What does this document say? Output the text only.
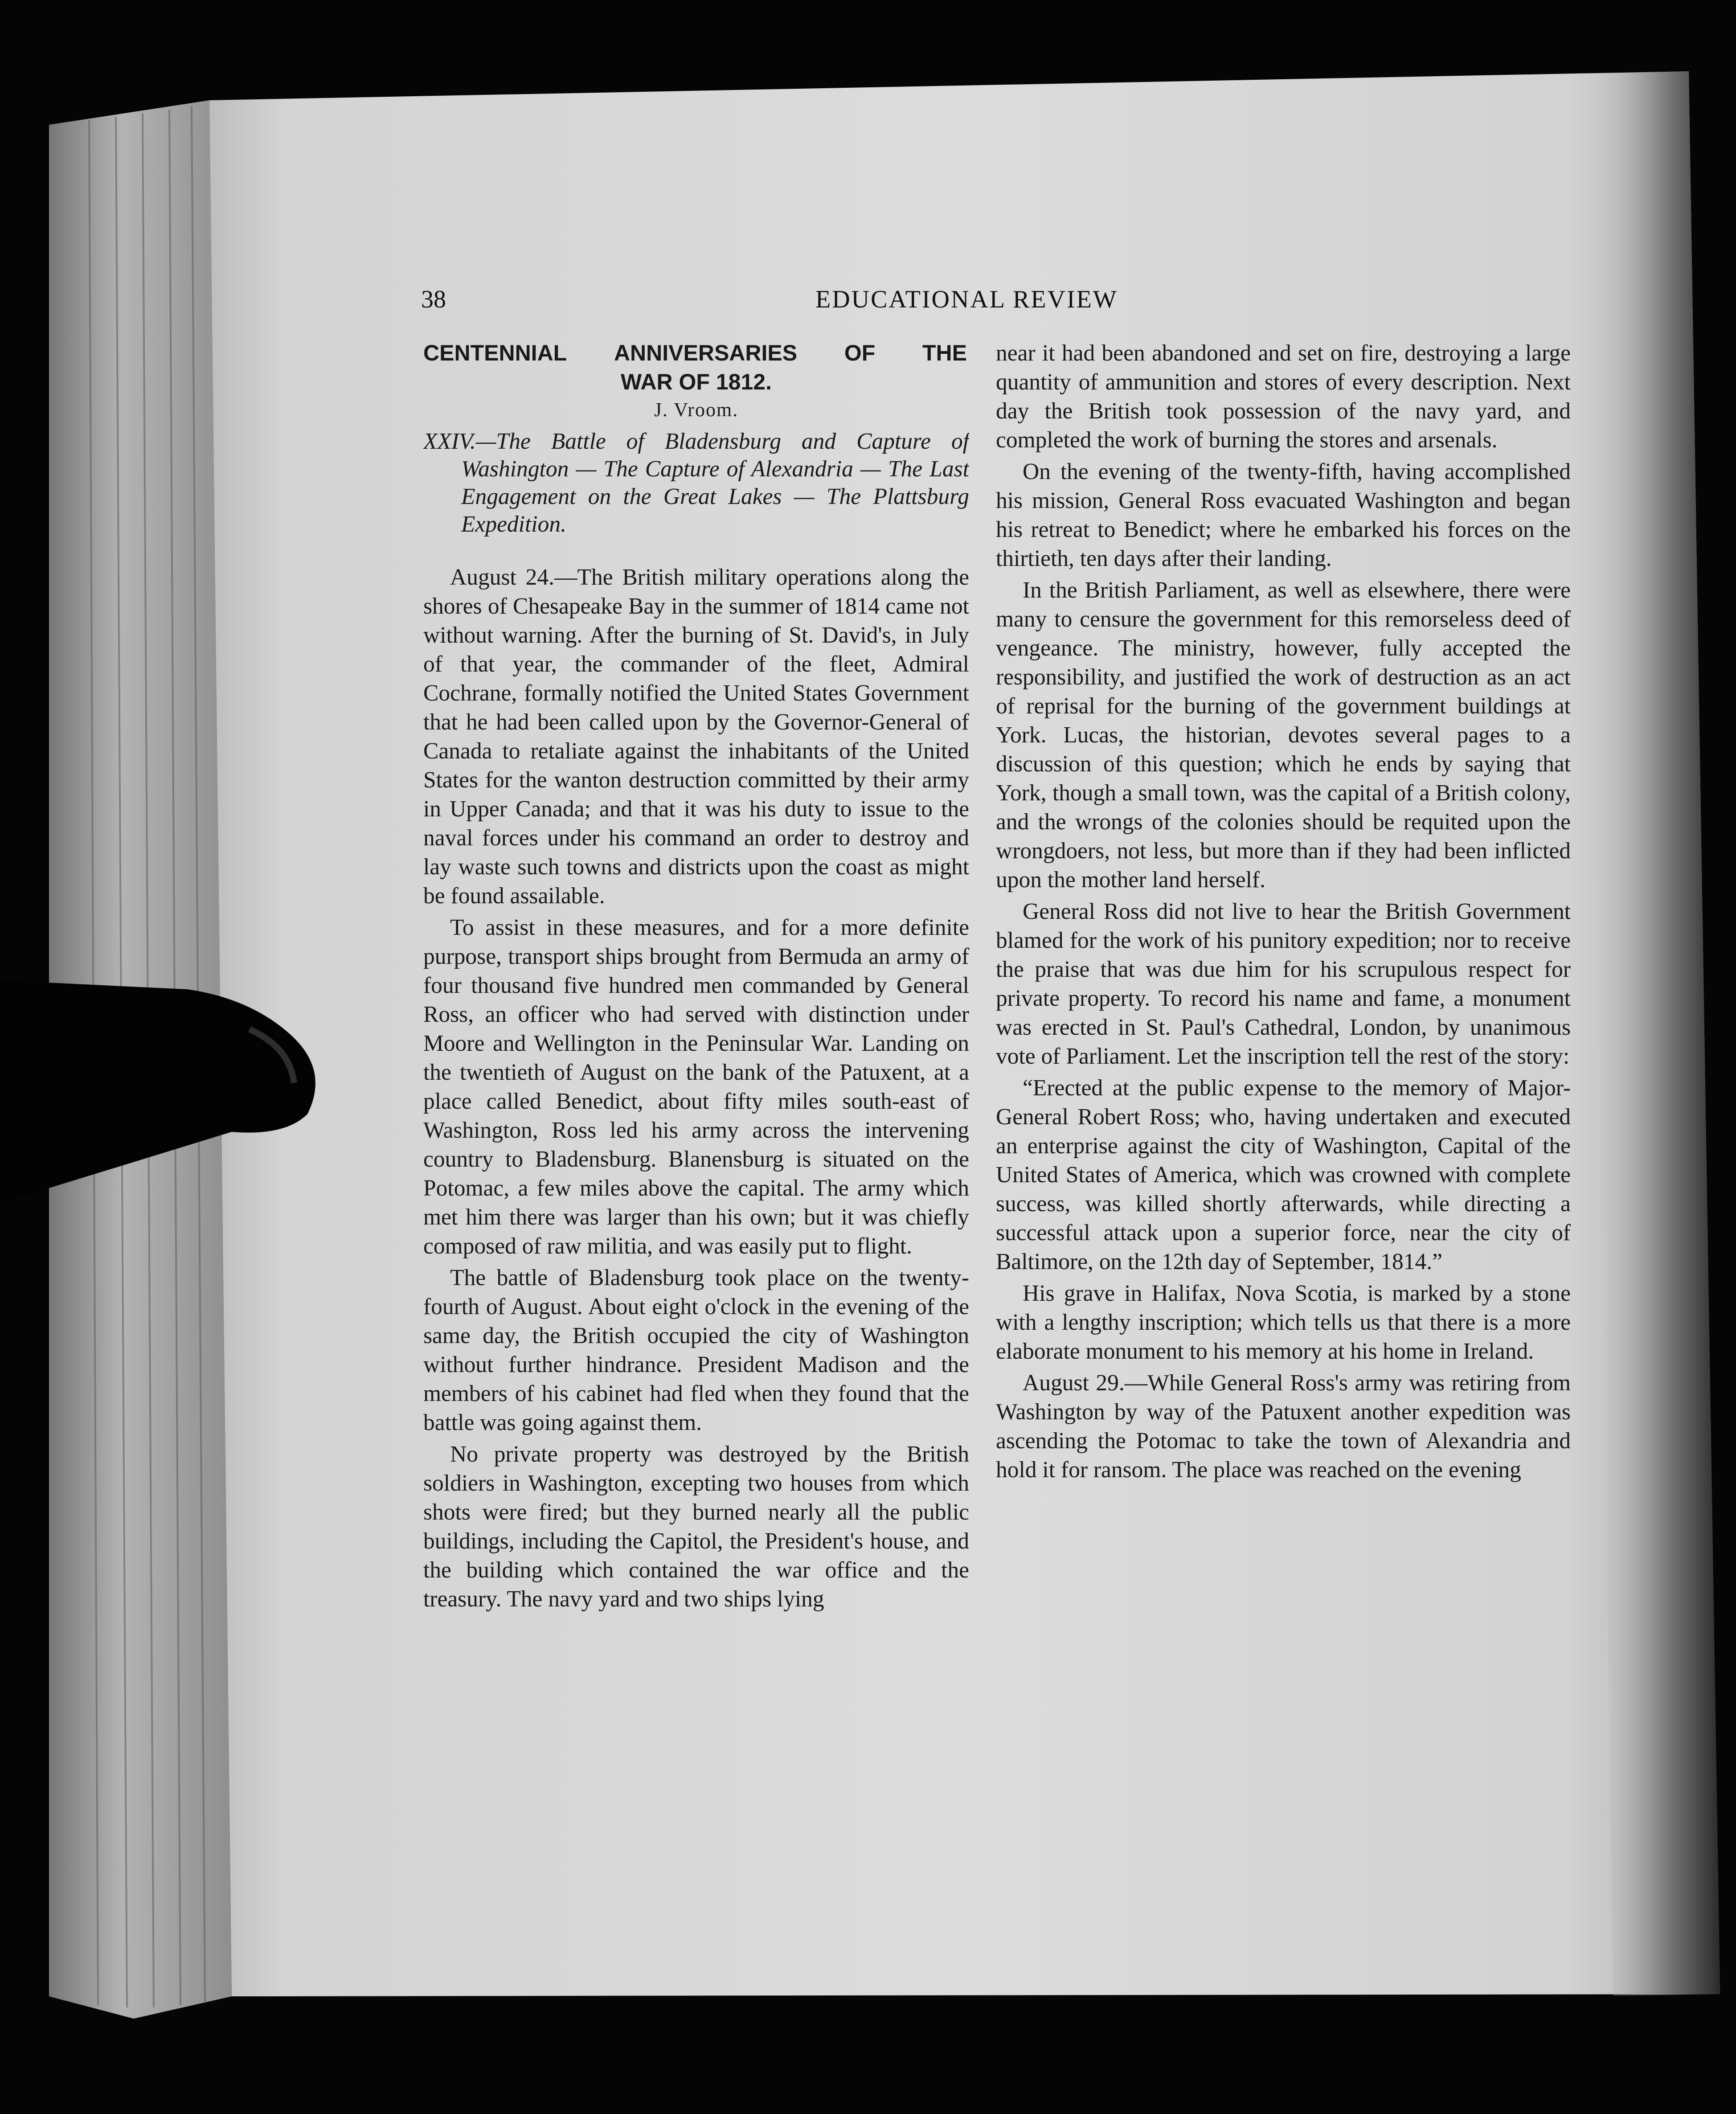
38	EDUCATIONAL REVIEW
CENTENNIAL ANNIVERSARIES OF THE
WAR OF 1812.
J. Vroom.
XXIV.—The Battle of Bladensburg and Capture of Washington — The Capture of Alexandria — The Last Engagement on the Great Lakes — The Plattsburg Expedition.

August 24.—The British military operations along the shores of Chesapeake Bay in the summer of 1814 came not without warning. After the burning of St. David's, in July of that year, the commander of the fleet, Admiral Cochrane, formally notified the United States Government that he had been called upon by the Governor-General of Canada to retaliate against the inhabitants of the United States for the wanton destruction committed by their army in Upper Canada; and that it was his duty to issue to the naval forces under his command an order to destroy and lay waste such towns and districts upon the coast as might be found assailable.

To assist in these measures, and for a more definite purpose, transport ships brought from Bermuda an army of four thousand five hundred men commanded by General Ross, an officer who had served with distinction under Moore and Wellington in the Peninsular War. Landing on the twentieth of August on the bank of the Patuxent, at a place called Benedict, about fifty miles south-east of Washington, Ross led his army across the intervening country to Bladensburg. Blanensburg is situated on the Potomac, a few miles above the capital. The army which met him there was larger than his own; but it was chiefly composed of raw militia, and was easily put to flight.

The battle of Bladensburg took place on the twenty-fourth of August. About eight o'clock in the evening of the same day, the British occupied the city of Washington without further hindrance. President Madison and the members of his cabinet had fled when they found that the battle was going against them.

No private property was destroyed by the British soldiers in Washington, excepting two houses from which shots were fired; but they burned nearly all the public buildings, including the Capitol, the President's house, and the building which contained the war office and the treasury. The navy yard and two ships lying

near it had been abandoned and set on fire, destroying a large quantity of ammunition and stores of every description. Next day the British took possession of the navy yard, and completed the work of burning the stores and arsenals.

On the evening of the twenty-fifth, having accomplished his mission, General Ross evacuated Washington and began his retreat to Benedict; where he embarked his forces on the thirtieth, ten days after their landing.

In the British Parliament, as well as elsewhere, there were many to censure the government for this remorseless deed of vengeance. The ministry, however, fully accepted the responsibility, and justified the work of destruction as an act of reprisal for the burning of the government buildings at York. Lucas, the historian, devotes several pages to a discussion of this question; which he ends by saying that York, though a small town, was the capital of a British colony, and the wrongs of the colonies should be requited upon the wrongdoers, not less, but more than if they had been inflicted upon the mother land herself.

General Ross did not live to hear the British Government blamed for the work of his punitory expedition; nor to receive the praise that was due him for his scrupulous respect for private property. To record his name and fame, a monument was erected in St. Paul's Cathedral, London, by unanimous vote of Parliament. Let the inscription tell the rest of the story:

“Erected at the public expense to the memory of Major-General Robert Ross; who, having undertaken and executed an enterprise against the city of Washington, Capital of the United States of America, which was crowned with complete success, was killed shortly afterwards, while directing a successful attack upon a superior force, near the city of Baltimore, on the 12th day of September, 1814.”

His grave in Halifax, Nova Scotia, is marked by a stone with a lengthy inscription; which tells us that there is a more elaborate monument to his memory at his home in Ireland.

August 29.—While General Ross's army was retiring from Washington by way of the Patuxent another expedition was ascending the Potomac to take the town of Alexandria and hold it for ransom. The place was reached on the evening
